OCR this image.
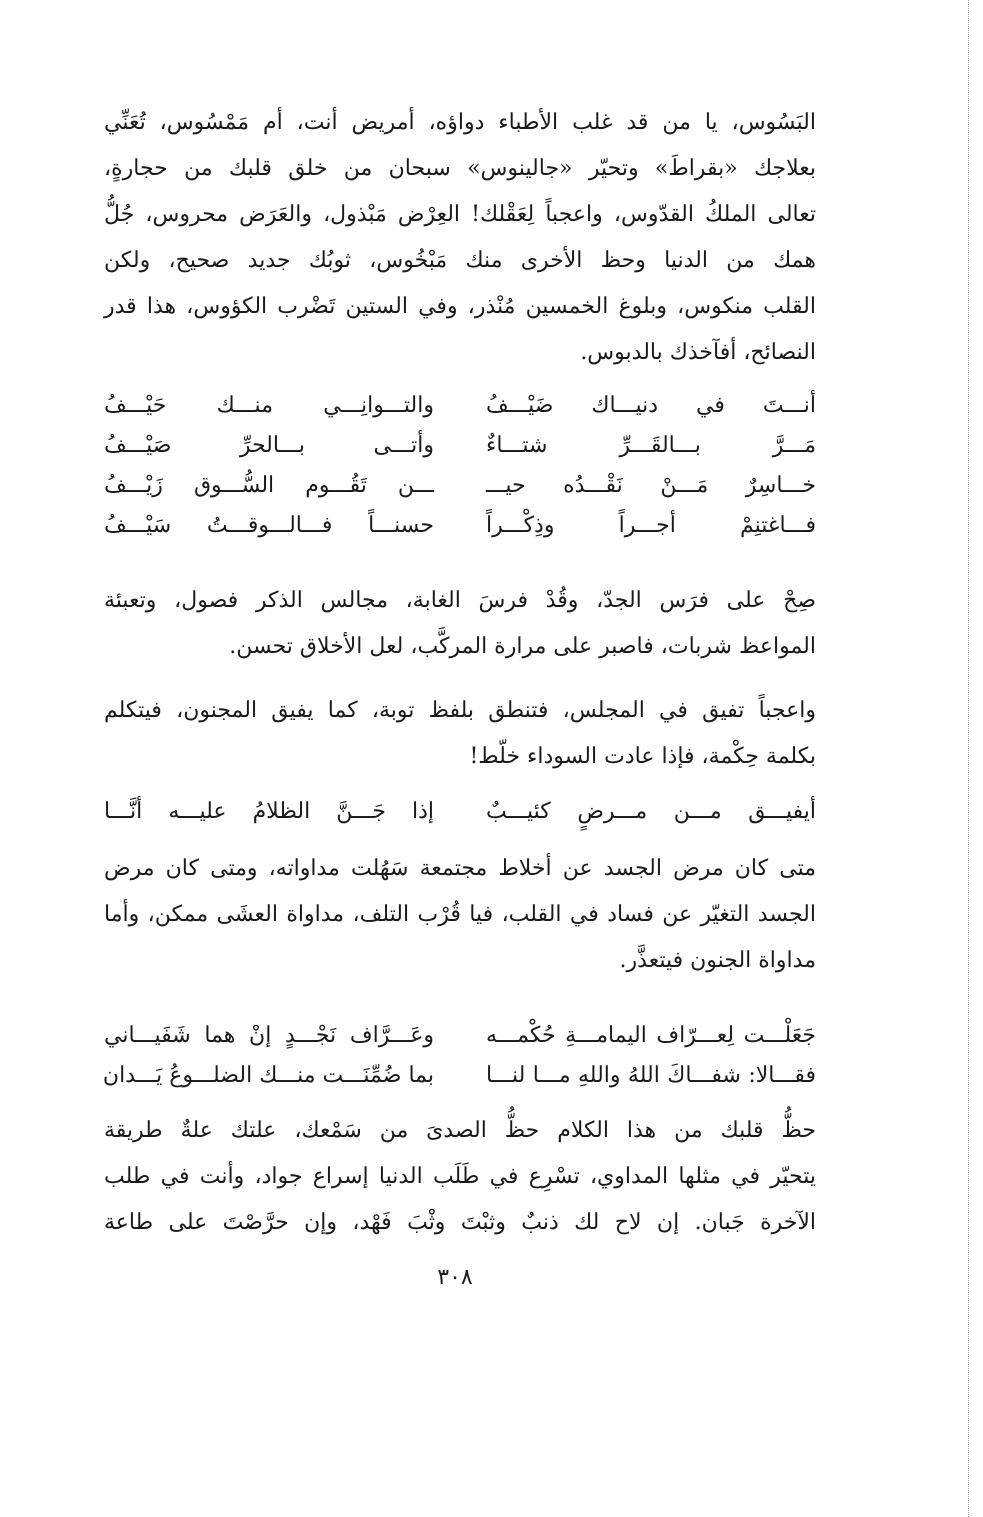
البَسُوس، يا من قد غلب الأطباء دواؤه، أمريض أنت، أم مَمْسُوس، تُعَنِّي
بعلاجك «بقراطَ» وتحيّر «جالينوس» سبحان من خلق قلبك من حجارةٍ،
تعالى الملكُ القدّوس، واعجباً لِعَقْلك! العِرْض مَبْذول، والعَرَض محروس، جُلُّ
همك من الدنيا وحظ الأخرى منك مَبْخُوس، ثوبُك جديد صحيح، ولكن
القلب منكوس، وبلوغ الخمسين مُنْذر، وفي الستين تَضْرب الكؤوس، هذا قدر
النصائح، أفآخذك بالدبوس.
أنـــتَ في دنيـــاك ضَيْـــفُ
والتـــوانِـــي منـــك حَيْـــفُ
مَـــرَّ بـــالقَـــرِّ شتـــاءٌ
وأتـــى بـــالحرِّ صَيْـــفُ
خـــاسِرٌ مَـــنْ نَقْـــدُه حيـــ
ـــن تَقُـــوم السُّـــوق زَيْـــفُ
فـــاغتنِمْ أجـــراً وذِكْـــراً
حسنـــاً فـــالـــوقـــتُ سَيْـــفُ
صِحْ على فرَس الجدّ، وقُدْ فرسَ الغابة، مجالس الذكر فصول، وتعبئة
المواعظ شربات، فاصبر على مرارة المركَّب، لعل الأخلاق تحسن.
واعجباً تفيق في المجلس، فتنطق بلفظ توبة، كما يفيق المجنون، فيتكلم
بكلمة حِكْمة، فإذا عادت السوداء خلّط!
أيفيـــق مـــن مـــرضٍ كئيـــبٌ
إذا جَـــنَّ الظلامُ عليـــه أنَّـــا
متى كان مرض الجسد عن أخلاط مجتمعة سَهُلت مداواته، ومتى كان مرض
الجسد التغيّر عن فساد في القلب، فيا قُرْب التلف، مداواة العشَى ممكن، وأما
مداواة الجنون فيتعذَّر.
جَعَلْـــت لِعـــرّاف اليمامـــةِ حُكْمـــه
وعَـــرَّاف نَجْـــدٍ إنْ هما شَفَيـــاني
فقـــالا: شفـــاكَ اللهُ واللهِ مـــا لنـــا
بما ضُمِّنَـــت منـــك الضلـــوعُ يَـــدان
حظُّ قلبك من هذا الكلام حظُّ الصدىَ من سَمْعك، علتك علةٌ طريقة
يتحيّر في مثلها المداوي، تسْرِع في طَلَب الدنيا إسراع جواد، وأنت في طلب
الآخرة جَبان. إن لاح لك ذنبٌ وثبْتَ وثْبَ فَهْد، وإن حرَّصْتَ على طاعة
٣٠٨
